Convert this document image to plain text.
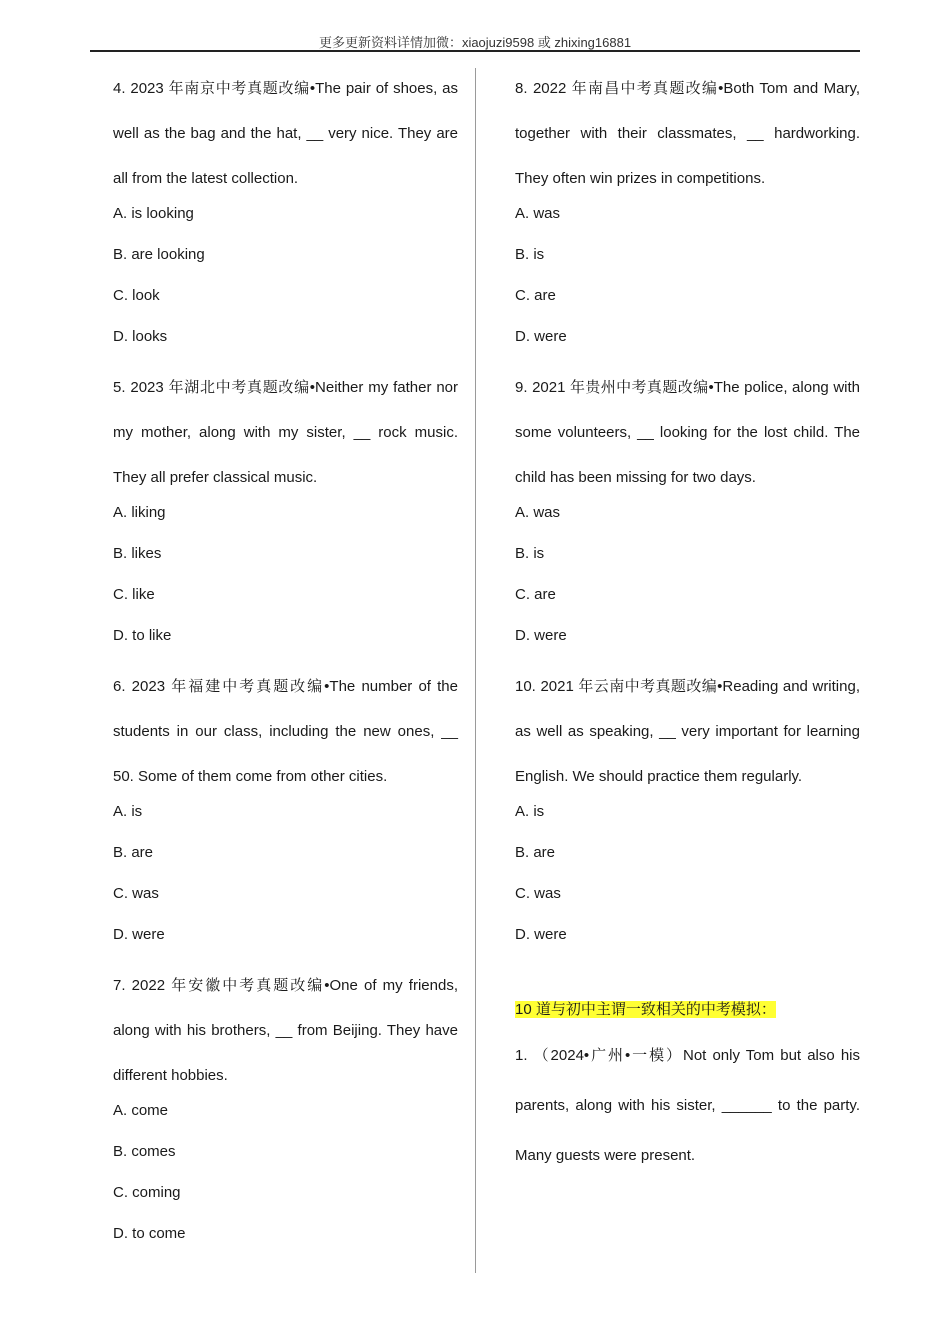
更多更新资料详情加微：xiaojuzi9598 或 zhixing16881

4. 2023 年南京中考真题改编•The pair of shoes, as well as the bag and the hat, __ very nice. They are all from the latest collection.

A. is looking

B. are looking

C. look

D. looks

5. 2023 年湖北中考真题改编•Neither my father nor my mother, along with my sister, __ rock music. They all prefer classical music.

A. liking

B. likes

C. like

D. to like

6. 2023 年福建中考真题改编•The number of the students in our class, including the new ones, __ 50. Some of them come from other cities.

A. is

B. are

C. was

D. were

7. 2022 年安徽中考真题改编•One of my friends, along with his brothers, __ from Beijing. They have different hobbies.

A. come

B. comes

C. coming

D. to come

8. 2022 年南昌中考真题改编•Both Tom and Mary, together with their classmates, __ hardworking. They often win prizes in competitions.

A. was

B. is

C. are

D. were

9. 2021 年贵州中考真题改编•The police, along with some volunteers, __ looking for the lost child. The child has been missing for two days.

A. was

B. is

C. are

D. were

10. 2021 年云南中考真题改编•Reading and writing, as well as speaking, __ very important for learning English. We should practice them regularly.

A. is

B. are

C. was

D. were

10 道与初中主谓一致相关的中考模拟：

1. （2024•广州•一模）Not only Tom but also his parents, along with his sister, ______ to the party. Many guests were present.
